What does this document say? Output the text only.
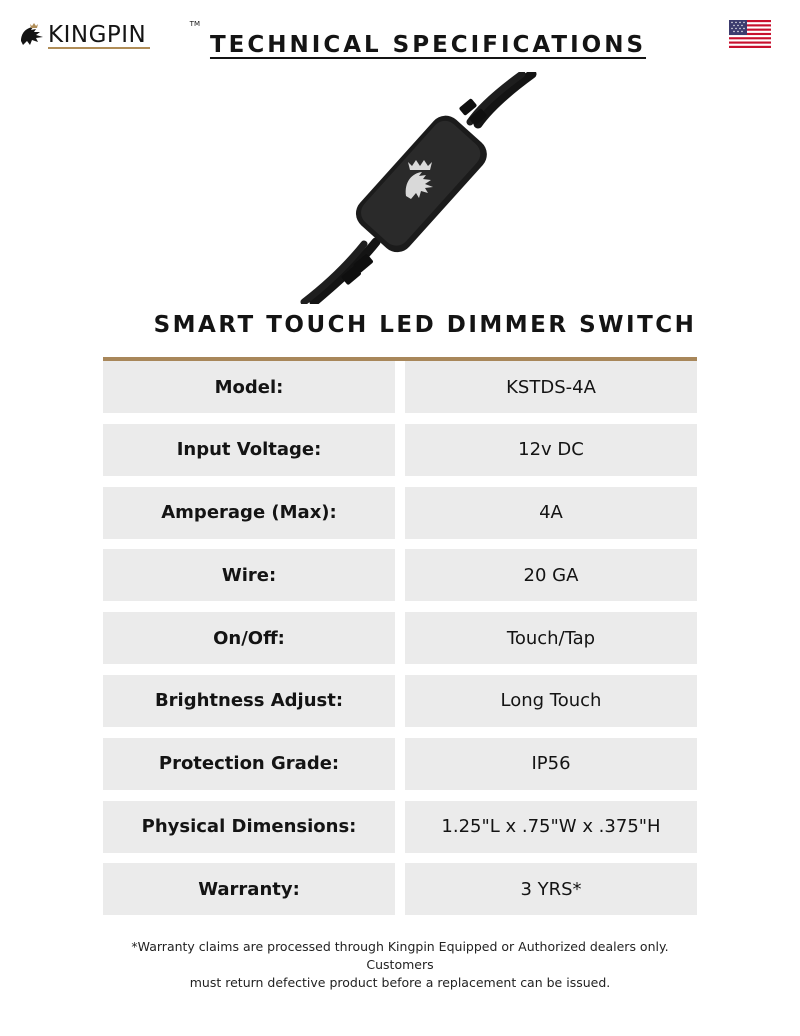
KINGPIN	TM
TECHNICAL SPECIFICATIONS
SMART TOUCH LED DIMMER SWITCH
Model:	KSTDS-4A
Input Voltage:	12v DC
Amperage (Max):	4A
Wire:	20 GA
On/Off:	Touch/Tap
Brightness Adjust:	Long Touch
Protection Grade:	IP56
Physical Dimensions:	1.25"L x .75"W x .375"H
Warranty:	3 YRS*
*Warranty claims are processed through Kingpin Equipped or Authorized dealers only. Customers
must return defective product before a replacement can be issued.
